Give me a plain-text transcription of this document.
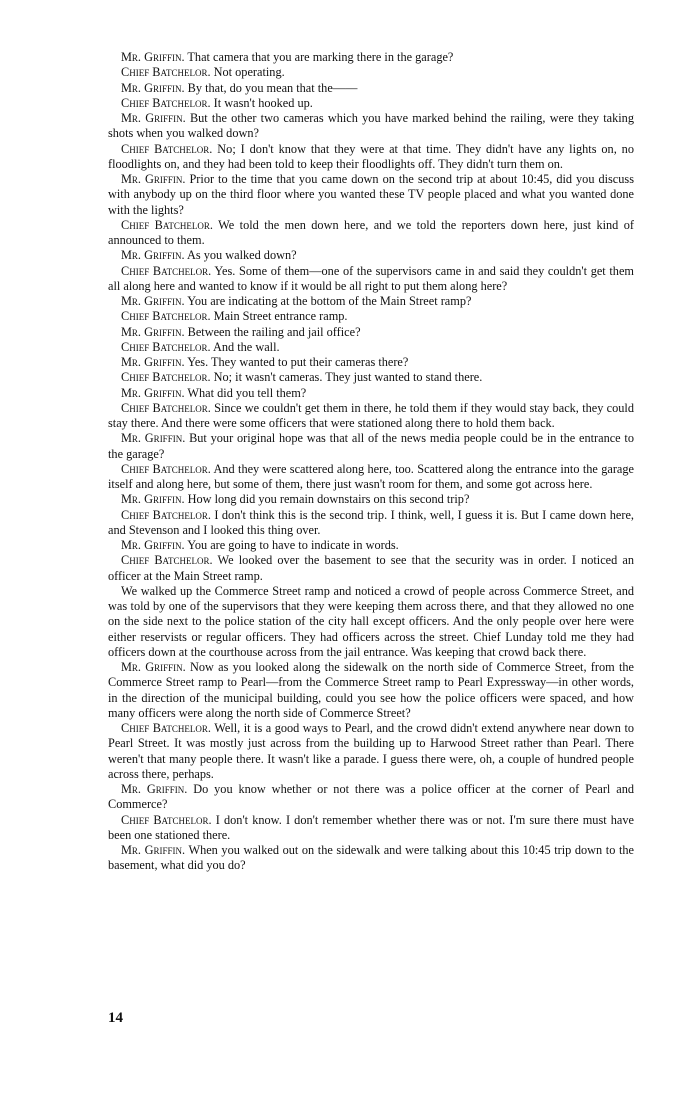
Mr. Griffin. That camera that you are marking there in the garage?

Chief Batchelor. Not operating.

Mr. Griffin. By that, do you mean that the——

Chief Batchelor. It wasn't hooked up.

Mr. Griffin. But the other two cameras which you have marked behind the railing, were they taking shots when you walked down?

Chief Batchelor. No; I don't know that they were at that time. They didn't have any lights on, no floodlights on, and they had been told to keep their floodlights off. They didn't turn them on.

Mr. Griffin. Prior to the time that you came down on the second trip at about 10:45, did you discuss with anybody up on the third floor where you wanted these TV people placed and what you wanted done with the lights?

Chief Batchelor. We told the men down here, and we told the reporters down here, just kind of announced to them.

Mr. Griffin. As you walked down?

Chief Batchelor. Yes. Some of them—one of the supervisors came in and said they couldn't get them all along here and wanted to know if it would be all right to put them along here?

Mr. Griffin. You are indicating at the bottom of the Main Street ramp?

Chief Batchelor. Main Street entrance ramp.

Mr. Griffin. Between the railing and jail office?

Chief Batchelor. And the wall.

Mr. Griffin. Yes. They wanted to put their cameras there?

Chief Batchelor. No; it wasn't cameras. They just wanted to stand there.

Mr. Griffin. What did you tell them?

Chief Batchelor. Since we couldn't get them in there, he told them if they would stay back, they could stay there. And there were some officers that were stationed along there to hold them back.

Mr. Griffin. But your original hope was that all of the news media people could be in the entrance to the garage?

Chief Batchelor. And they were scattered along here, too. Scattered along the entrance into the garage itself and along here, but some of them, there just wasn't room for them, and some got across here.

Mr. Griffin. How long did you remain downstairs on this second trip?

Chief Batchelor. I don't think this is the second trip. I think, well, I guess it is. But I came down here, and Stevenson and I looked this thing over.

Mr. Griffin. You are going to have to indicate in words.

Chief Batchelor. We looked over the basement to see that the security was in order. I noticed an officer at the Main Street ramp.

We walked up the Commerce Street ramp and noticed a crowd of people across Commerce Street, and was told by one of the supervisors that they were keeping them across there, and that they allowed no one on the side next to the police station of the city hall except officers. And the only people over here were either reservists or regular officers. They had officers across the street. Chief Lunday told me they had officers down at the courthouse across from the jail entrance. Was keeping that crowd back there.

Mr. Griffin. Now as you looked along the sidewalk on the north side of Commerce Street, from the Commerce Street ramp to Pearl—from the Commerce Street ramp to Pearl Expressway—in other words, in the direction of the municipal building, could you see how the police officers were spaced, and how many officers were along the north side of Commerce Street?

Chief Batchelor. Well, it is a good ways to Pearl, and the crowd didn't extend anywhere near down to Pearl Street. It was mostly just across from the building up to Harwood Street rather than Pearl. There weren't that many people there. It wasn't like a parade. I guess there were, oh, a couple of hundred people across there, perhaps.

Mr. Griffin. Do you know whether or not there was a police officer at the corner of Pearl and Commerce?

Chief Batchelor. I don't know. I don't remember whether there was or not. I'm sure there must have been one stationed there.

Mr. Griffin. When you walked out on the sidewalk and were talking about this 10:45 trip down to the basement, what did you do?

14
